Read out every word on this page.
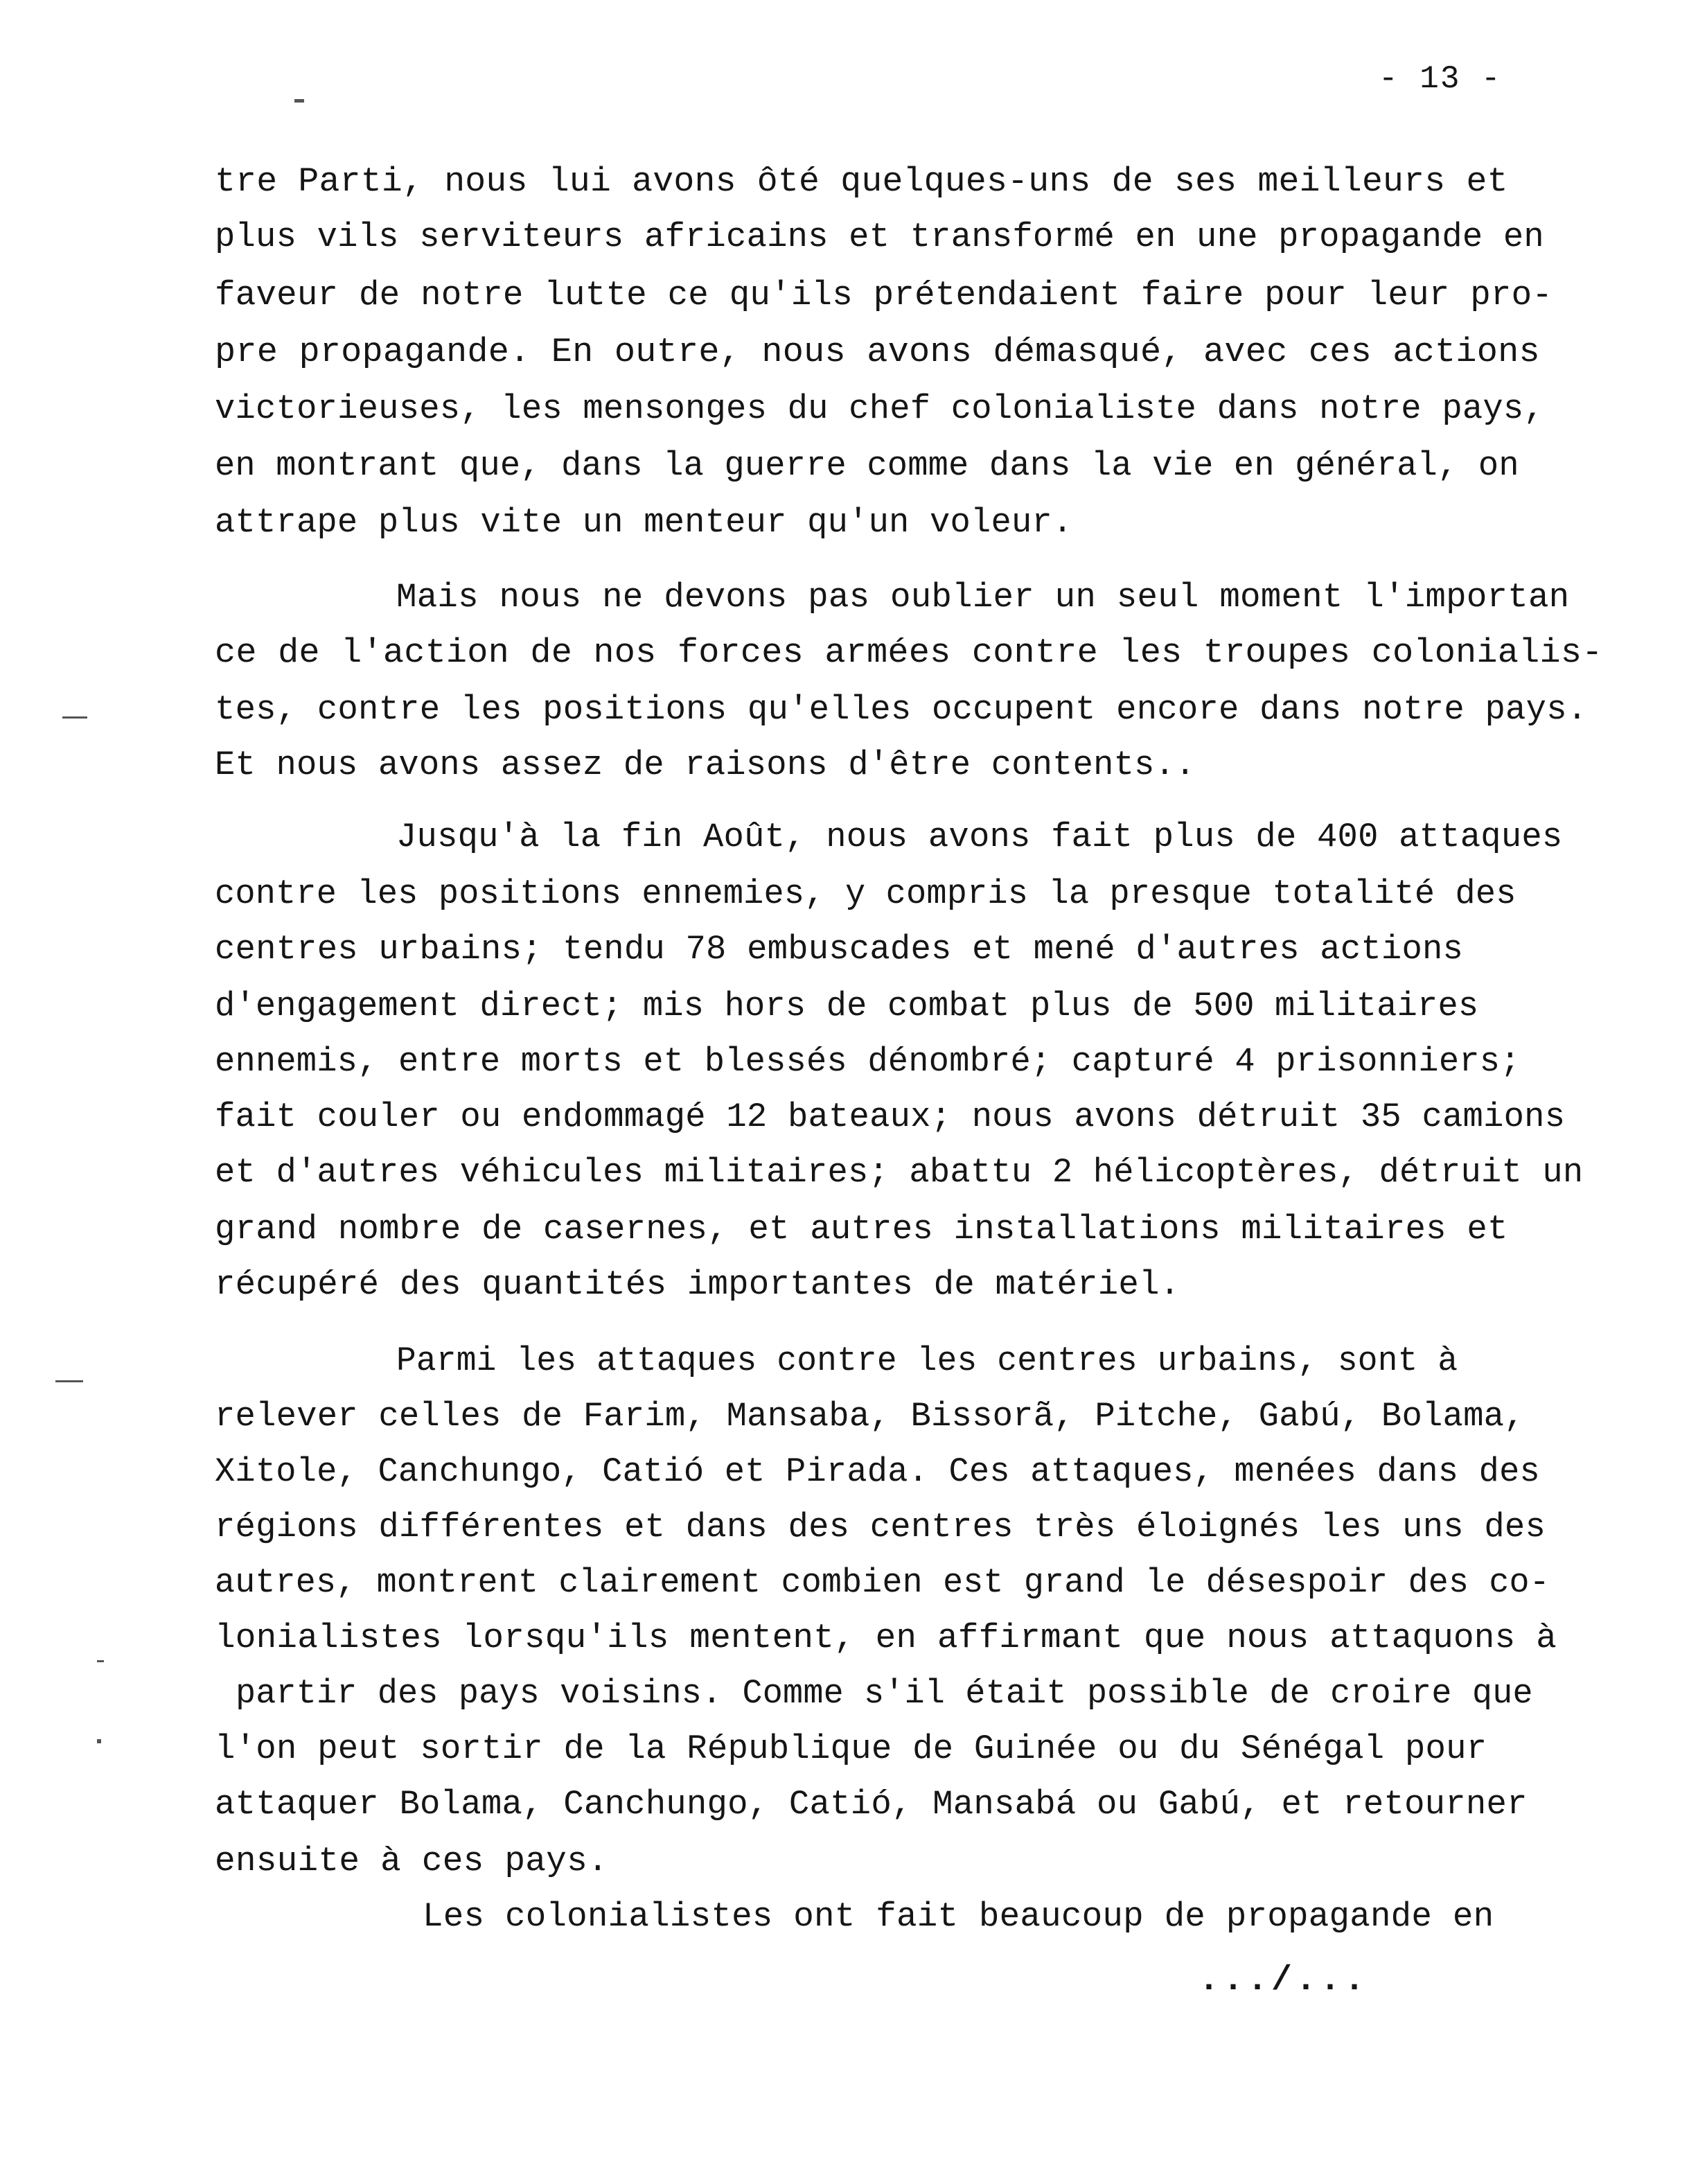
- 13 -
tre Parti, nous lui avons ôté quelques-uns de ses meilleurs et
plus vils serviteurs africains et transformé en une propagande en
faveur de notre lutte ce qu'ils prétendaient faire pour leur pro-
pre propagande. En outre, nous avons démasqué, avec ces actions
victorieuses, les mensonges du chef colonialiste dans notre pays,
en montrant que, dans la guerre comme dans la vie en général, on
attrape plus vite un menteur qu'un voleur.
Mais nous ne devons pas oublier un seul moment l'importan
ce de l'action de nos forces armées contre les troupes colonialis-
tes, contre les positions qu'elles occupent encore dans notre pays.
Et nous avons assez de raisons d'être contents..
Jusqu'à la fin Août, nous avons fait plus de 400 attaques
contre les positions ennemies, y compris la presque totalité des
centres urbains; tendu 78 embuscades et mené d'autres actions
d'engagement direct; mis hors de combat plus de 500 militaires
ennemis, entre morts et blessés dénombré; capturé 4 prisonniers;
fait couler ou endommagé 12 bateaux; nous avons détruit 35 camions
et d'autres véhicules militaires; abattu 2 hélicoptères, détruit un
grand nombre de casernes, et autres installations militaires et
récupéré des quantités importantes de matériel.
Parmi les attaques contre les centres urbains, sont à
relever celles de Farim, Mansaba, Bissorã, Pitche, Gabú, Bolama,
Xitole, Canchungo, Catió et Pirada. Ces attaques, menées dans des
régions différentes et dans des centres très éloignés les uns des
autres, montrent clairement combien est grand le désespoir des co-
lonialistes lorsqu'ils mentent, en affirmant que nous attaquons à
partir des pays voisins. Comme s'il était possible de croire que
l'on peut sortir de la République de Guinée ou du Sénégal pour
attaquer Bolama, Canchungo, Catió, Mansabá ou Gabú, et retourner
ensuite à ces pays.
Les colonialistes ont fait beaucoup de propagande en
.../...
